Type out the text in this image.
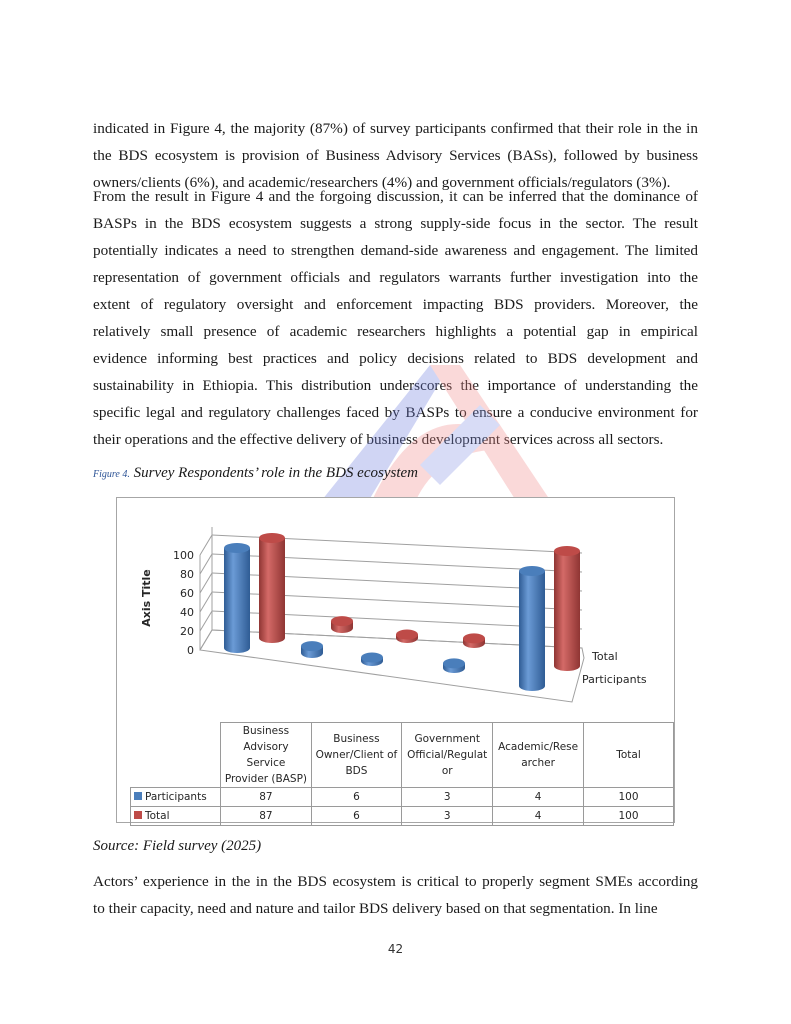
indicated in Figure 4, the majority (87%) of survey participants confirmed that their role in the in
the BDS ecosystem is provision of Business Advisory Services (BASs), followed by business
owners/clients (6%), and academic/researchers (4%) and government officials/regulators (3%).
From the result in Figure 4 and the forgoing discussion, it can be inferred that the dominance of
BASPs in the BDS ecosystem suggests a strong supply-side focus in the sector. The result
potentially indicates a need to strengthen demand-side awareness and engagement. The limited
representation of government officials and regulators warrants further investigation into the
extent of regulatory oversight and enforcement impacting BDS providers. Moreover, the
relatively small presence of academic researchers highlights a potential gap in empirical
evidence informing best practices and policy decisions related to BDS development and
sustainability in Ethiopia. This distribution underscores the importance of understanding the
specific legal and regulatory challenges faced by BASPs to ensure a conducive environment for
their operations and the effective delivery of business development services across all sectors.
Figure 4. Survey Respondents’ role in the BDS ecosystem
0
20
40
60
80
100
Axis Title
Total
Participants
	Business Advisory Service Provider (BASP)	Business Owner/Client of BDS	Government Official/Regulat or	Academic/Rese archer	Total
Participants	87	6	3	4	100
Total	87	6	3	4	100
Source: Field survey (2025)
Actors’ experience in the in the BDS ecosystem is critical to properly segment SMEs according
to their capacity, need and nature and tailor BDS delivery based on that segmentation. In line
42
